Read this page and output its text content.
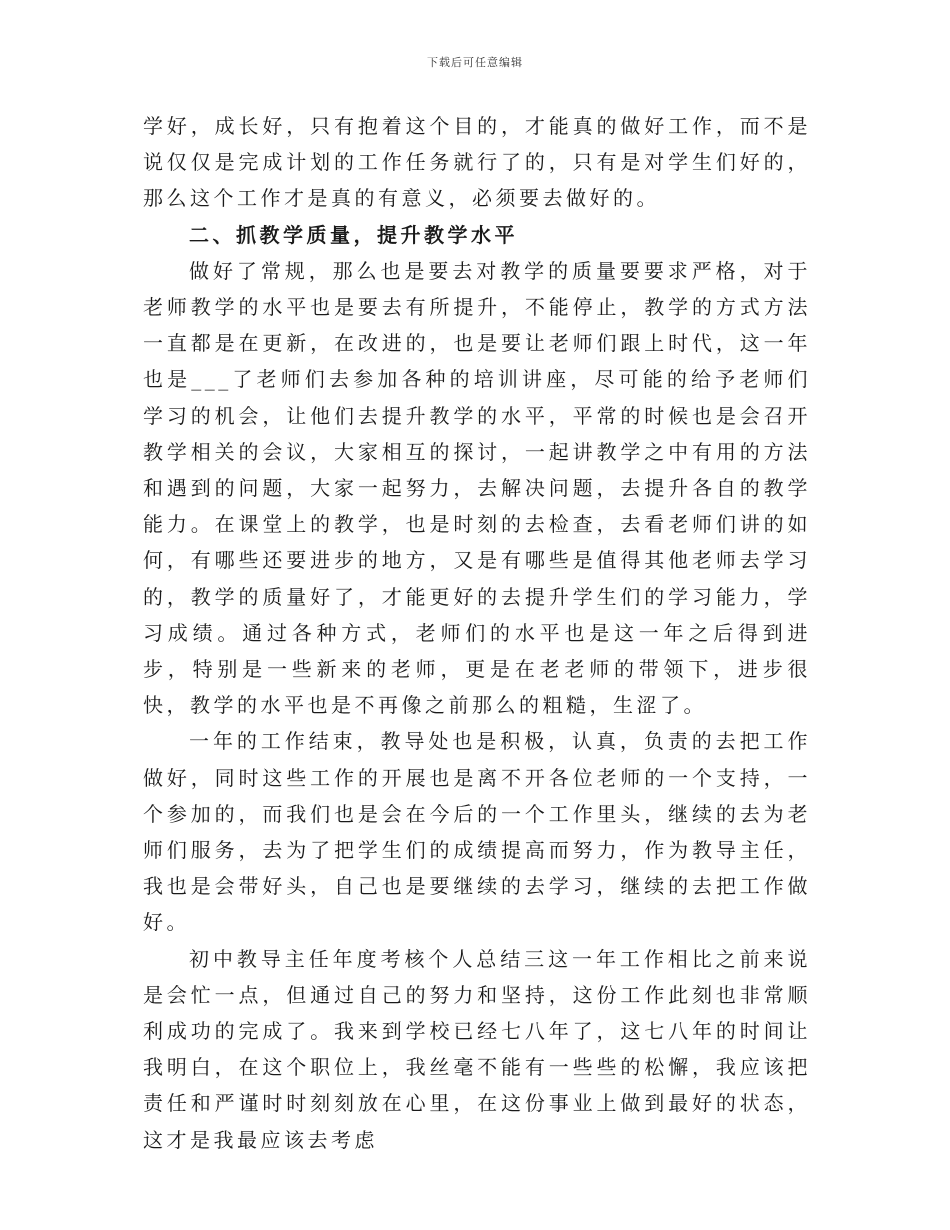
下载后可任意编辑

学好，成长好，只有抱着这个目的，才能真的做好工作，而不是说仅仅是完成计划的工作任务就行了的，只有是对学生们好的，那么这个工作才是真的有意义，必须要去做好的。

二、抓教学质量，提升教学水平

做好了常规，那么也是要去对教学的质量要要求严格，对于老师教学的水平也是要去有所提升，不能停止，教学的方式方法一直都是在更新，在改进的，也是要让老师们跟上时代，这一年也是___了老师们去参加各种的培训讲座，尽可能的给予老师们学习的机会，让他们去提升教学的水平，平常的时候也是会召开教学相关的会议，大家相互的探讨，一起讲教学之中有用的方法和遇到的问题，大家一起努力，去解决问题，去提升各自的教学能力。在课堂上的教学，也是时刻的去检查，去看老师们讲的如何，有哪些还要进步的地方，又是有哪些是值得其他老师去学习的，教学的质量好了，才能更好的去提升学生们的学习能力，学习成绩。通过各种方式，老师们的水平也是这一年之后得到进步，特别是一些新来的老师，更是在老老师的带领下，进步很快，教学的水平也是不再像之前那么的粗糙，生涩了。

一年的工作结束，教导处也是积极，认真，负责的去把工作做好，同时这些工作的开展也是离不开各位老师的一个支持，一个参加的，而我们也是会在今后的一个工作里头，继续的去为老师们服务，去为了把学生们的成绩提高而努力，作为教导主任，我也是会带好头，自己也是要继续的去学习，继续的去把工作做好。

初中教导主任年度考核个人总结三这一年工作相比之前来说是会忙一点，但通过自己的努力和坚持，这份工作此刻也非常顺利成功的完成了。我来到学校已经七八年了，这七八年的时间让我明白，在这个职位上，我丝毫不能有一些些的松懈，我应该把责任和严谨时时刻刻放在心里，在这份事业上做到最好的状态，这才是我最应该去考虑
